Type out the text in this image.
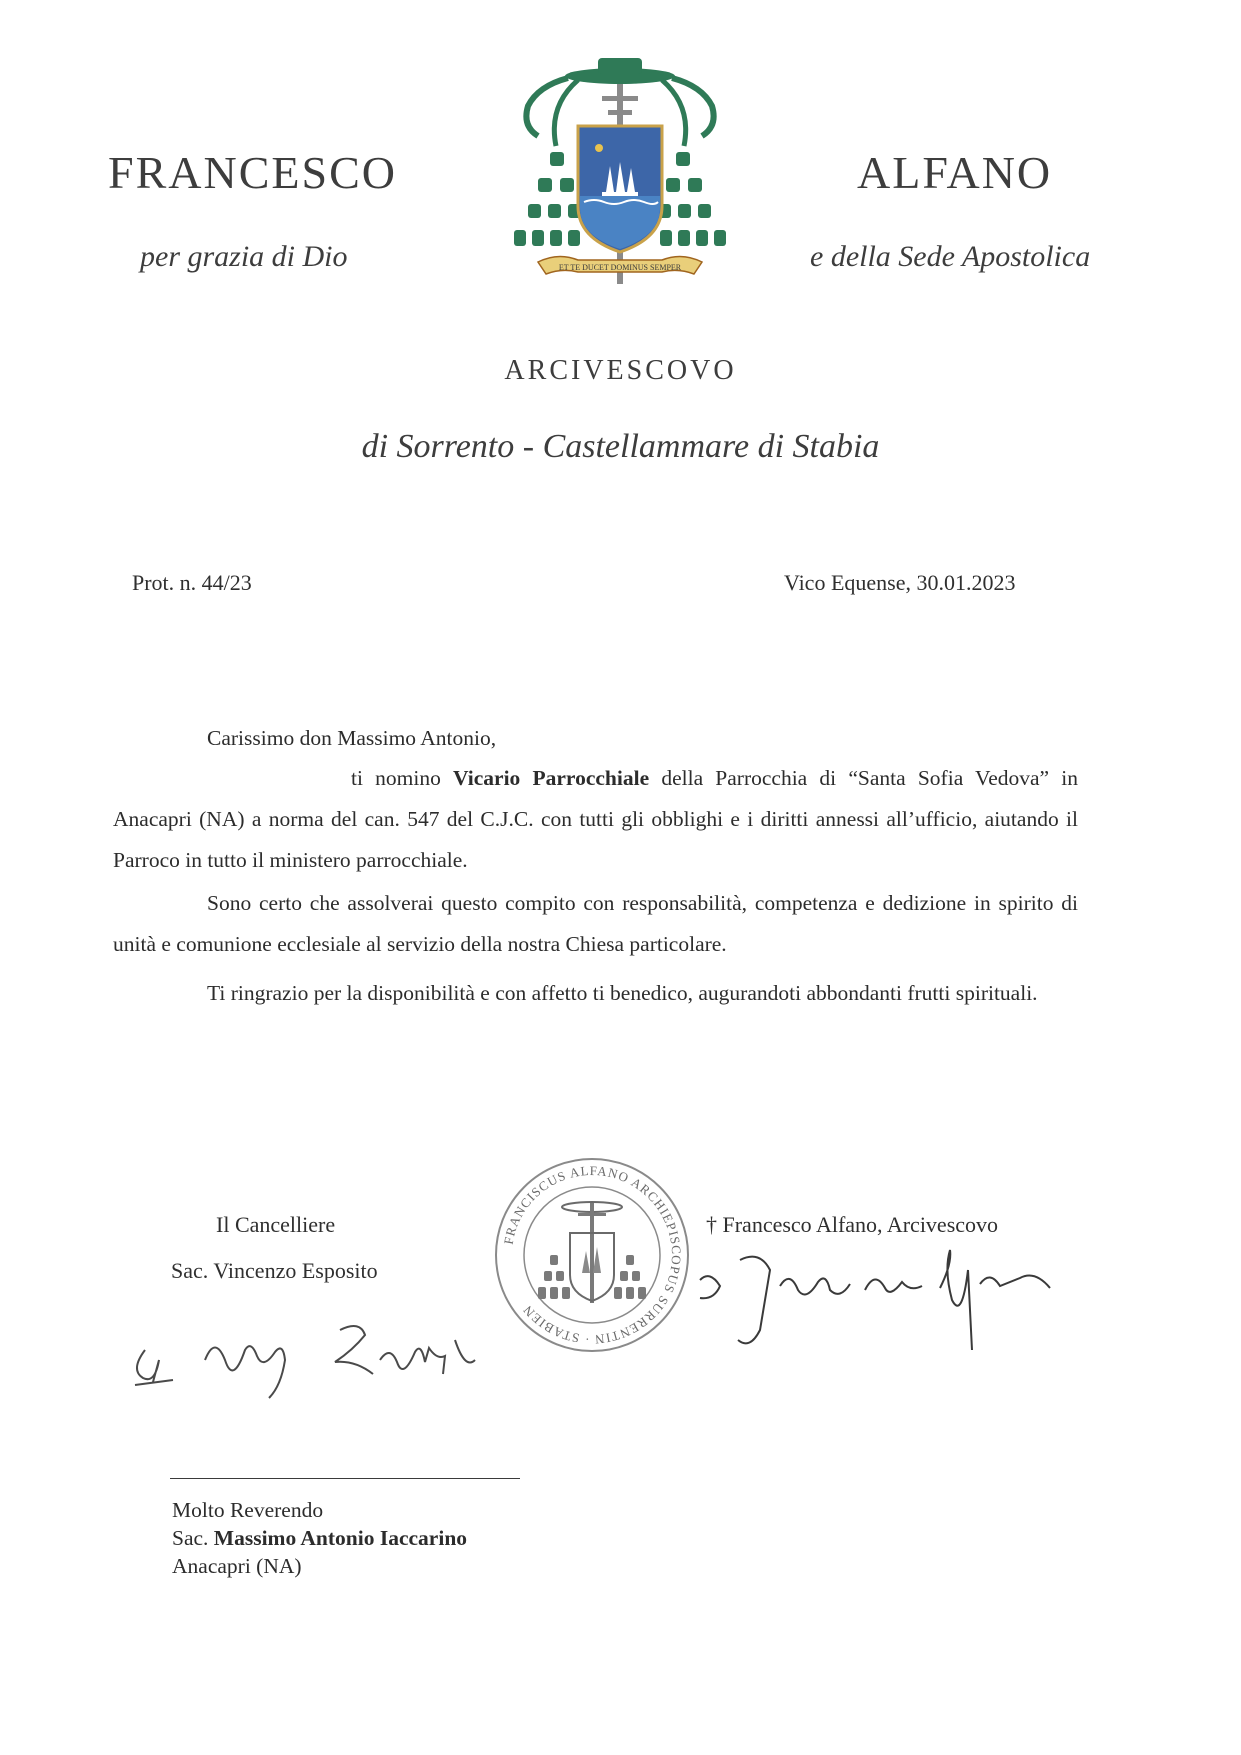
FRANCESCO	ALFANO
per grazia di Dio	e della Sede Apostolica
ET TE DUCET DOMINUS SEMPER
ARCIVESCOVO
di Sorrento - Castellammare di Stabia
Prot. n. 44/23	Vico Equense, 30.01.2023
Carissimo don Massimo Antonio,
ti nomino Vicario Parrocchiale della Parrocchia di “Santa Sofia Vedova” in Anacapri (NA) a norma del can. 547 del C.J.C. con tutti gli obblighi e i diritti annessi all’ufficio, aiutando il Parroco in tutto il ministero parrocchiale.
Sono certo che assolverai questo compito con responsabilità, competenza e dedizione in spirito di unità e comunione ecclesiale al servizio della nostra Chiesa particolare.
Ti ringrazio per la disponibilità e con affetto ti benedico, augurandoti abbondanti frutti spirituali.
Il Cancelliere
Sac. Vincenzo Esposito
FRANCISCUS ALFANO ARCHIEPISCOPUS SURRENTIN · STABIEN
† Francesco Alfano, Arcivescovo
Molto Reverendo
Sac. Massimo Antonio Iaccarino
Anacapri (NA)
